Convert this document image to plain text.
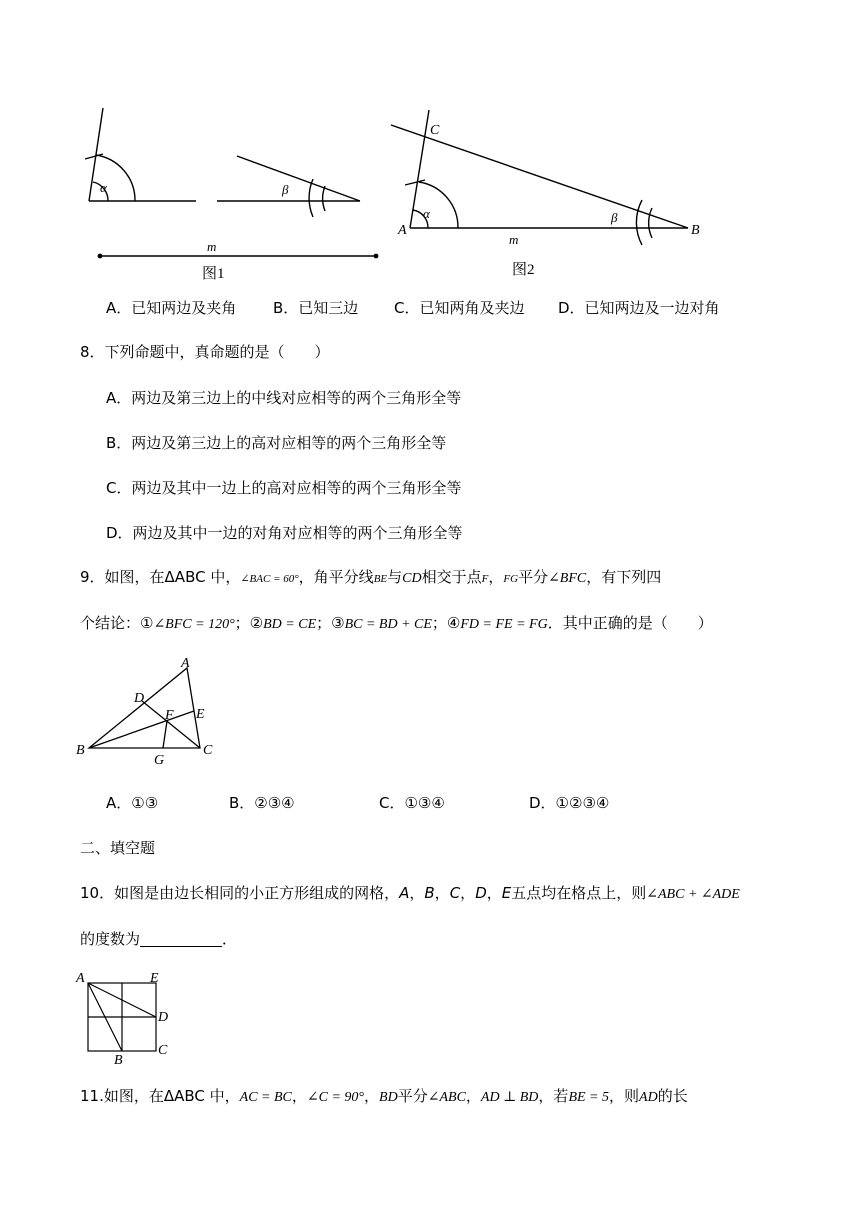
α	β
m
图1
C
A	B
α	β
m
图2
A．已知两边及夹角 B．已知三边 C．已知两角及夹边 D．已知两边及一边对角
8．下列命题中，真命题的是（　　）
A．两边及第三边上的中线对应相等的两个三角形全等
B．两边及第三边上的高对应相等的两个三角形全等
C．两边及其中一边上的高对应相等的两个三角形全等
D．两边及其中一边的对角对应相等的两个三角形全等
9．如图，在ΔABC 中，∠BAC = 60°，角平分线BE与CD相交于点F，FG平分∠BFC，有下列四
个结论：①∠BFC = 120°；②BD = CE；③BC = BD + CE；④FD = FE = FG．其中正确的是（　　）
A
B	C
D
E
F
G
A．①③	B．②③④	C．①③④	D．①②③④
二、填空题
10．如图是由边长相同的小正方形组成的网格，A，B，C，D，E五点均在格点上，则∠ABC + ∠ADE
的度数为	．
A	E
D
C
B
11.如图，在ΔABC 中，AC = BC，∠C = 90°，BD平分∠ABC，AD ⊥ BD，若BE = 5，则AD的长
